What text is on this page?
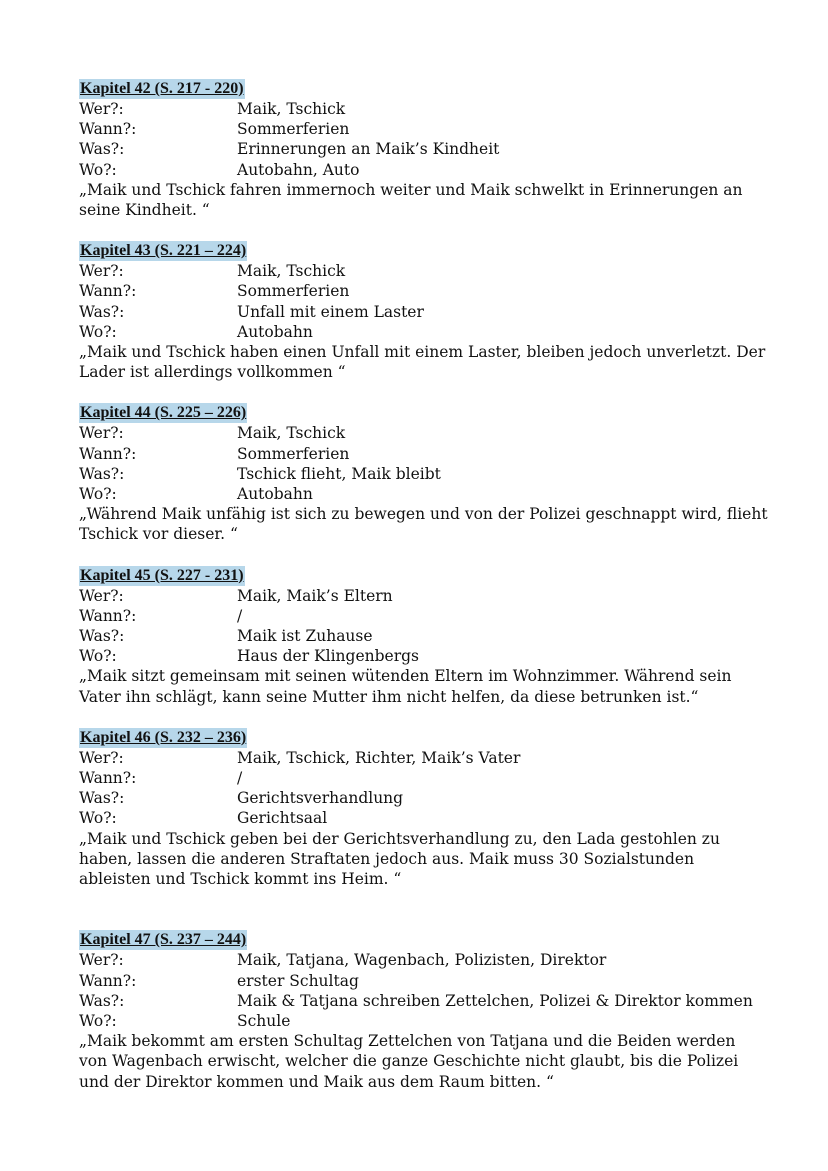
Kapitel 42 (S. 217 - 220)
Wer?:	Maik, Tschick
Wann?:	Sommerferien
Was?:	Erinnerungen an Maik’s Kindheit
Wo?:	Autobahn, Auto

„Maik und Tschick fahren immernoch weiter und Maik schwelkt in Erinnerungen an seine Kindheit. “

Kapitel 43 (S. 221 – 224)
Wer?:	Maik, Tschick
Wann?:	Sommerferien
Was?:	Unfall mit einem Laster
Wo?:	Autobahn

„Maik und Tschick haben einen Unfall mit einem Laster, bleiben jedoch unverletzt. Der Lader ist allerdings vollkommen “

Kapitel 44 (S. 225 – 226)
Wer?:	Maik, Tschick
Wann?:	Sommerferien
Was?:	Tschick flieht, Maik bleibt
Wo?:	Autobahn

„Während Maik unfähig ist sich zu bewegen und von der Polizei geschnappt wird, flieht Tschick vor dieser. “

Kapitel 45 (S. 227 - 231)
Wer?:	Maik, Maik’s Eltern
Wann?:	/
Was?:	Maik ist Zuhause
Wo?:	Haus der Klingenbergs

„Maik sitzt gemeinsam mit seinen wütenden Eltern im Wohnzimmer. Während sein Vater ihn schlägt, kann seine Mutter ihm nicht helfen, da diese betrunken ist.“

Kapitel 46 (S. 232 – 236)
Wer?:	Maik, Tschick, Richter, Maik’s Vater
Wann?:	/
Was?:	Gerichtsverhandlung
Wo?:	Gerichtsaal

„Maik und Tschick geben bei der Gerichtsverhandlung zu, den Lada gestohlen zu haben, lassen die anderen Straftaten jedoch aus. Maik muss 30 Sozialstunden ableisten und Tschick kommt ins Heim. “

Kapitel 47 (S. 237 – 244)
Wer?:	Maik, Tatjana, Wagenbach, Polizisten, Direktor
Wann?:	erster Schultag
Was?:	Maik & Tatjana schreiben Zettelchen, Polizei & Direktor kommen
Wo?:	Schule

„Maik bekommt am ersten Schultag Zettelchen von Tatjana und die Beiden werden von Wagenbach erwischt, welcher die ganze Geschichte nicht glaubt, bis die Polizei und der Direktor kommen und Maik aus dem Raum bitten. “
